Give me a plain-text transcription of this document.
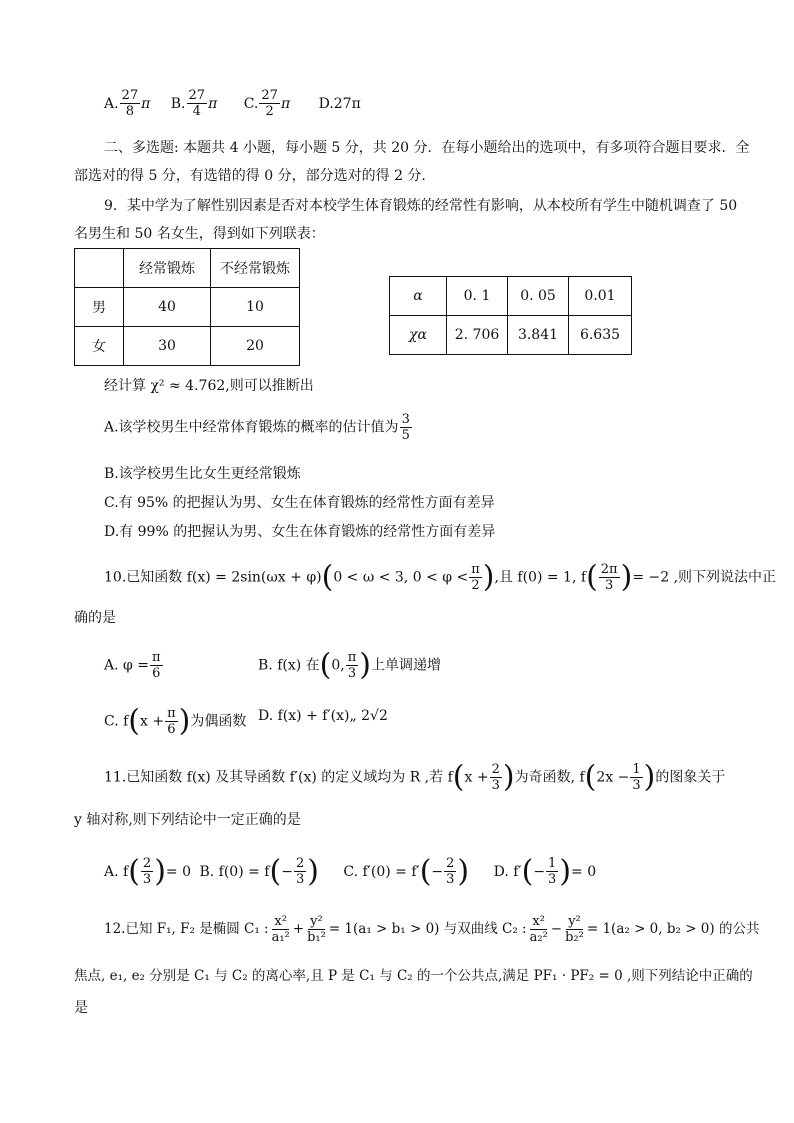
A. $\frac{27}{8}$ π B. $\frac{27}{4}$ π C. $\frac{27}{2}$ π D.27π
二、多选题: 本题共 4 小题，每小题 5 分，共 20 分．在每小题给出的选项中，有多项符合题目要求．全
部选对的得 5 分，有选错的得 0 分，部分选对的得 2 分.
9．某中学为了解性别因素是否对本校学生体育锻炼的经常性有影响，从本校所有学生中随机调查了 50
名男生和 50 名女生，得到如下列联表：
	经常锻炼	不经常锻炼
男	40	10
女	30	20
α	0. 1	0. 05	0.01
χα	2. 706	3.841	6.635
经计算 χ² ≈ 4.762,则可以推断出
A.该学校男生中经常体育锻炼的概率的估计值为 $\frac{3}{5}$
B.该学校男生比女生更经常锻炼
C.有 95% 的把握认为男、女生在体育锻炼的经常性方面有差异
D.有 99% 的把握认为男、女生在体育锻炼的经常性方面有差异
10.已知函数 f(x) = 2sin(ωx + φ)(0 < ω < 3, $0 < \varphi < \frac{\pi}{2}$ ),且 f(0) = 1, $f( \frac{2\pi}{3}$ )= −2 ,则下列说法中正
确的是
A. $\varphi = \frac{\pi}{6}$	B. f(x) 在(0, $\frac{\pi}{3}$ )上单调递增
C. $f(x + \frac{\pi}{6}$ )为偶函数 D. f(x) + f′(x)„ 2√2
11.已知函数 f(x) 及其导函数 f′(x) 的定义域均为 R ,若 $f(x + \frac{2}{3}$ )为奇函数, $f(2x - \frac{1}{3}$ )的图象关于
y 轴对称,则下列结论中一定正确的是
A. $f( \frac{2}{3}$ )= 0 B. $f(0) = f(- \frac{2}{3}$ ) C. $f'(0) = f'(- \frac{2}{3}$ ) D. $f'(- \frac{1}{3}$ )= 0
12.已知 F₁, F₂ 是椭圆 C₁ : $\frac{\text{x²}}{\text{a₁²}} + \frac{\text{y²}}{\text{b₁²}} = 1(a_1 > b_1 > 0)$ 与双曲线 C₂ : $\frac{\text{x²}}{\text{a₂²}} - \frac{\text{y²}}{\text{b₂²}} = 1(a_2 > 0$, b₂ > 0) 的公共
焦点, e₁, e₂ 分别是 C₁ 与 C₂ 的离心率,且 P 是 C₁ 与 C₂ 的一个公共点,满足 PF₁ · PF₂ = 0 ,则下列结论中正确的
是
